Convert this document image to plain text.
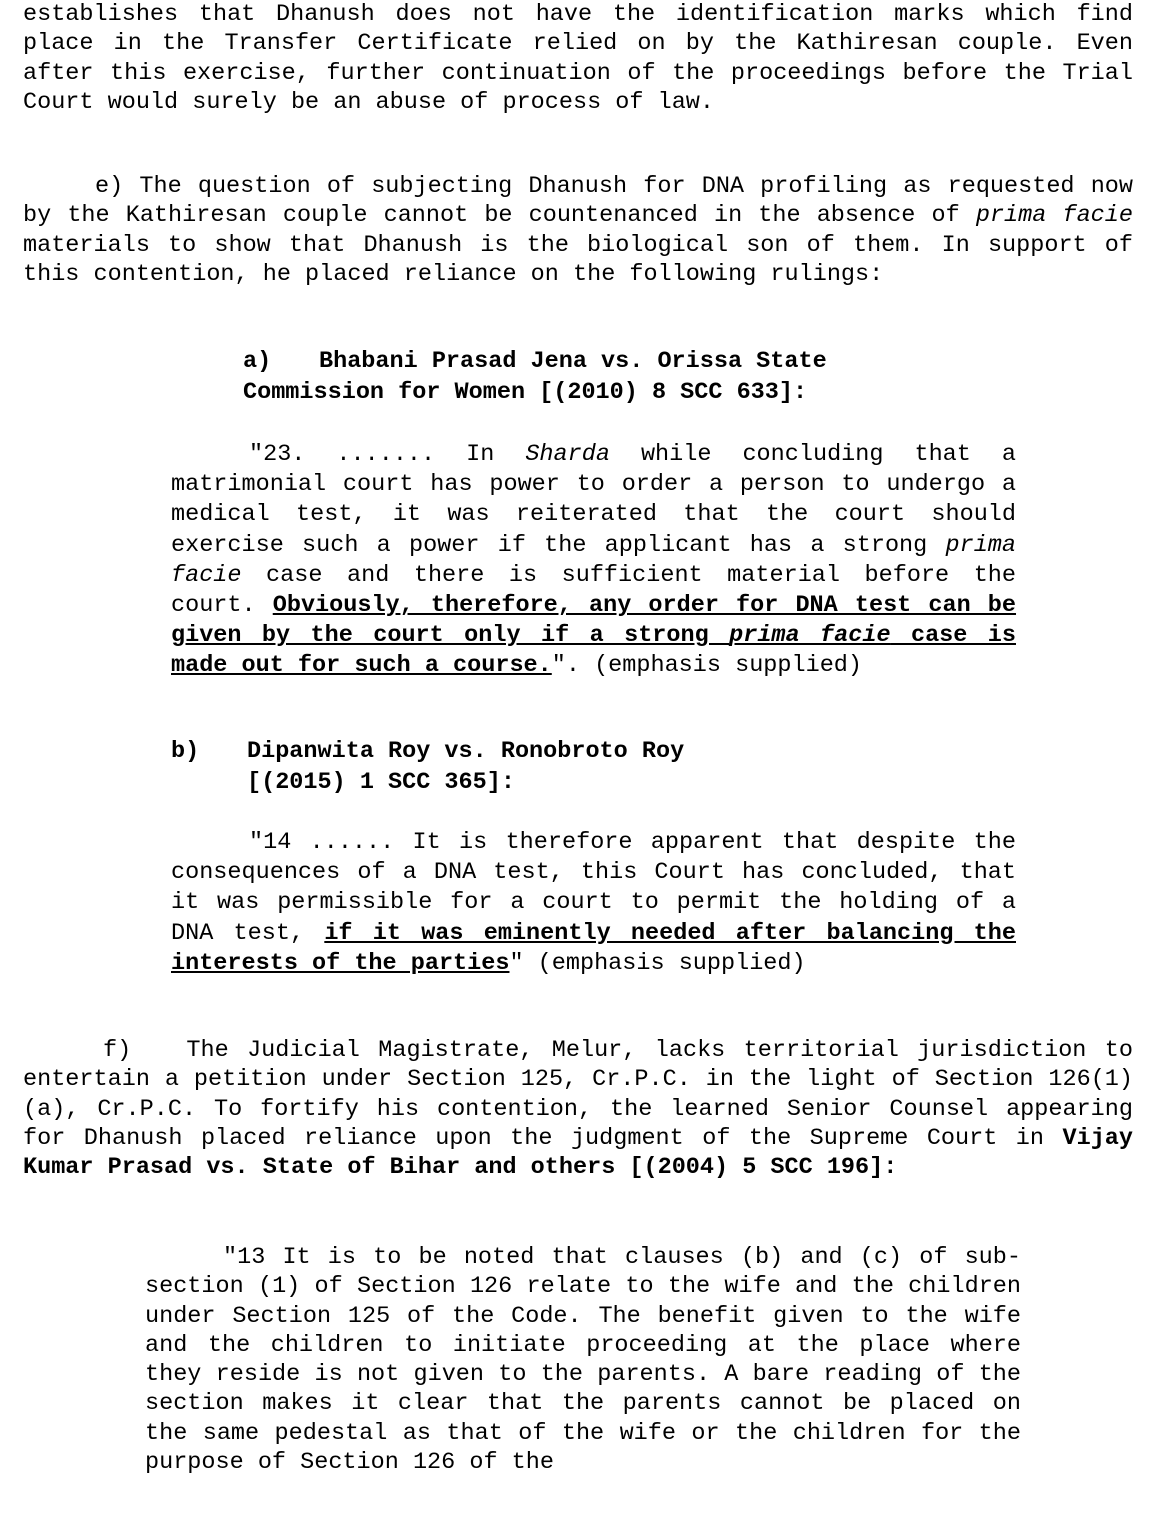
establishes that Dhanush does not have the identification marks which find place in the Transfer Certificate relied on by the Kathiresan couple. Even after this exercise, further continuation of the proceedings before the Trial Court would surely be an abuse of process of law.

e) The question of subjecting Dhanush for DNA profiling as requested now by the Kathiresan couple cannot be countenanced in the absence of prima facie materials to show that Dhanush is the biological son of them. In support of this contention, he placed reliance on the following rulings:

a) Bhabani Prasad Jena vs. Orissa State
Commission for Women [(2010) 8 SCC 633]:

"23. ....... In Sharda while concluding that a matrimonial court has power to order a person to undergo a medical test, it was reiterated that the court should exercise such a power if the applicant has a strong prima facie case and there is sufficient material before the court. Obviously, therefore, any order for DNA test can be given by the court only if a strong prima facie case is made out for such a course.". (emphasis supplied)

b) Dipanwita Roy vs. Ronobroto Roy
[(2015) 1 SCC 365]:

"14 ...... It is therefore apparent that despite the consequences of a DNA test, this Court has concluded, that it was permissible for a court to permit the holding of a DNA test, if it was eminently needed after balancing the interests of the parties" (emphasis supplied)

f) The Judicial Magistrate, Melur, lacks territorial jurisdiction to entertain a petition under Section 125, Cr.P.C. in the light of Section 126(1)(a), Cr.P.C. To fortify his contention, the learned Senior Counsel appearing for Dhanush placed reliance upon the judgment of the Supreme Court in Vijay Kumar Prasad vs. State of Bihar and others [(2004) 5 SCC 196]:

"13 It is to be noted that clauses (b) and (c) of sub-section (1) of Section 126 relate to the wife and the children under Section 125 of the Code. The benefit given to the wife and the children to initiate proceeding at the place where they reside is not given to the parents. A bare reading of the section makes it clear that the parents cannot be placed on the same pedestal as that of the wife or the children for the purpose of Section 126 of the
